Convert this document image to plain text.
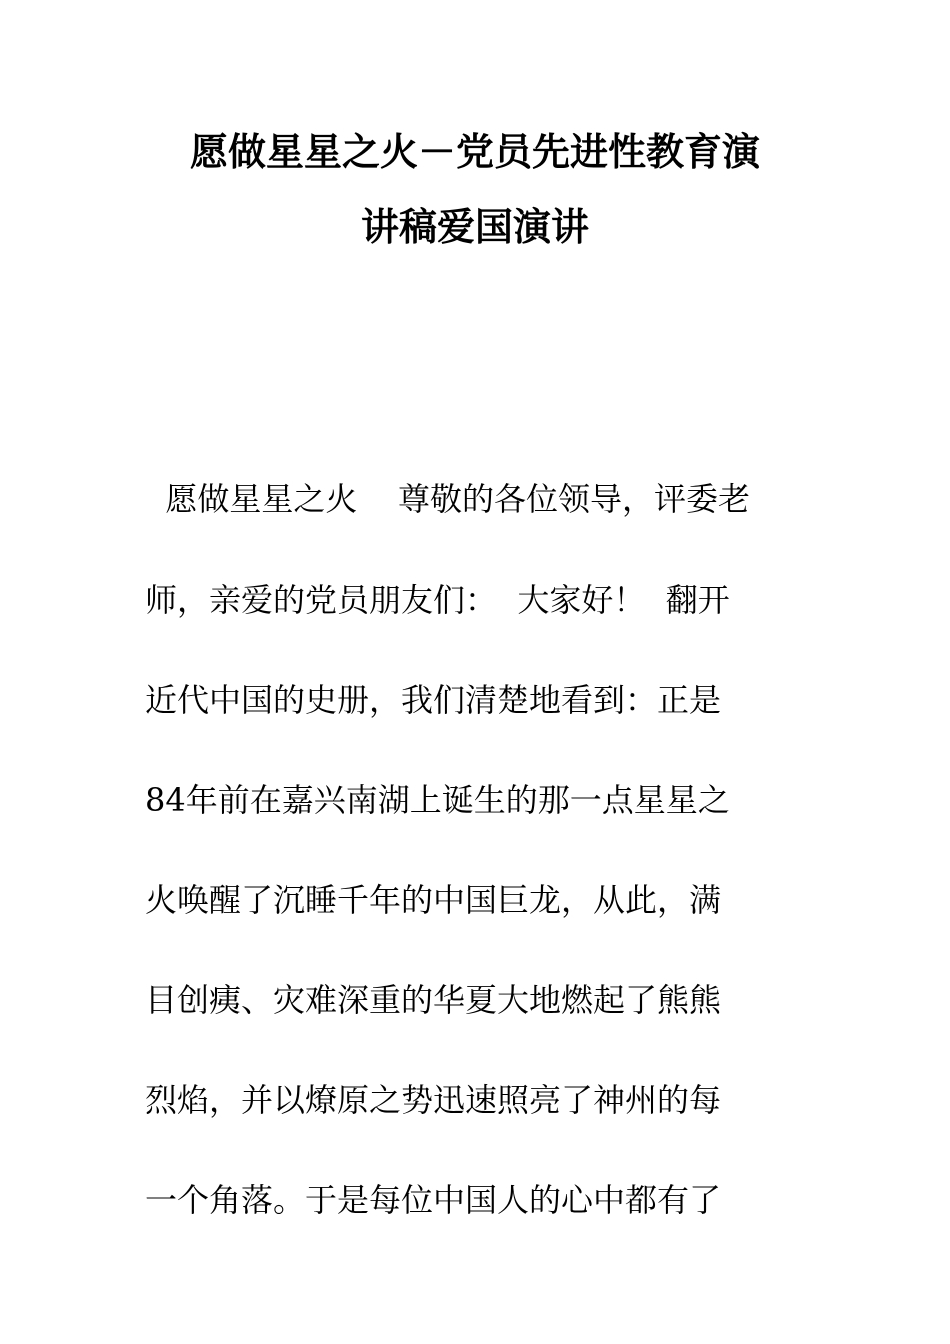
愿做星星之火－党员先进性教育演
讲稿爱国演讲
愿做星星之火    尊敬的各位领导，评委老
师，亲爱的党员朋友们：  大家好！  翻开
近代中国的史册，我们清楚地看到：正是
84年前在嘉兴南湖上诞生的那一点星星之
火唤醒了沉睡千年的中国巨龙，从此，满
目创痍、灾难深重的华夏大地燃起了熊熊
烈焰，并以燎原之势迅速照亮了神州的每
一个角落。于是每位中国人的心中都有了
